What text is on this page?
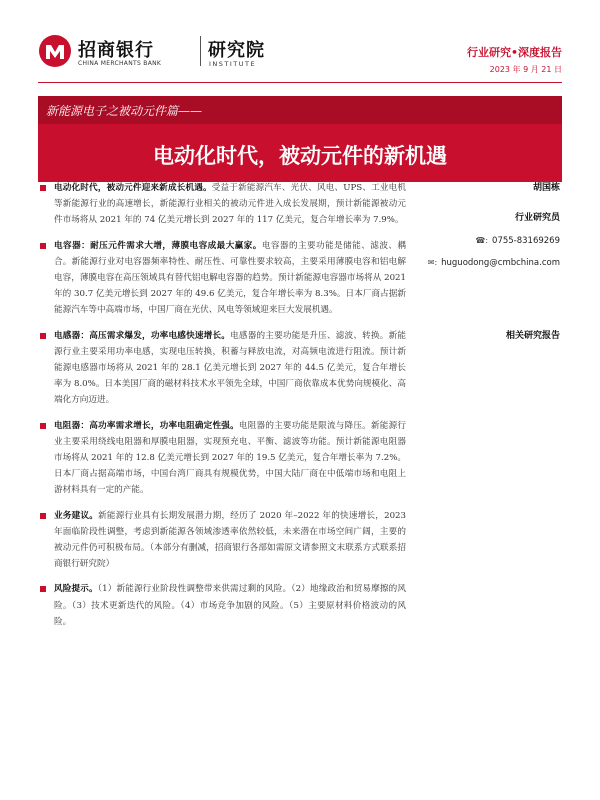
招商银行
CHINA MERCHANTS BANK
研究院
INSTITUTE
行业研究•深度报告
2023 年 9 月 21 日
新能源电子之被动元件篇——
电动化时代，被动元件的新机遇
电动化时代，被动元件迎来新成长机遇。受益于新能源汽车、光伏、风电、UPS、工业电机等新能源行业的高速增长，新能源行业相关的被动元件进入成长发展期，预计新能源被动元件市场将从 2021 年的 74 亿美元增长到 2027 年的 117 亿美元，复合年增长率为 7.9%。
电容器：耐压元件需求大增，薄膜电容成最大赢家。电容器的主要功能是储能、滤波、耦合。新能源行业对电容器频率特性、耐压性、可靠性要求较高，主要采用薄膜电容和铝电解电容，薄膜电容在高压领域具有替代铝电解电容器的趋势。预计新能源电容器市场将从 2021 年的 30.7 亿美元增长到 2027 年的 49.6 亿美元，复合年增长率为 8.3%。日本厂商占据新能源汽车等中高端市场，中国厂商在光伏、风电等领域迎来巨大发展机遇。
电感器：高压需求爆发，功率电感快速增长。电感器的主要功能是升压、滤波、转换。新能源行业主要采用功率电感，实现电压转换，积蓄与释放电流，对高频电流进行阻流。预计新能源电感器市场将从 2021 年的 28.1 亿美元增长到 2027 年的 44.5 亿美元，复合年增长率为 8.0%。日本美国厂商的磁材料技术水平领先全球，中国厂商依靠成本优势向规模化、高端化方向迈进。
电阻器：高功率需求增长，功率电阻确定性强。电阻器的主要功能是限流与降压。新能源行业主要采用绕线电阻器和厚膜电阻器，实现预充电、平衡、滤波等功能。预计新能源电阻器市场将从 2021 年的 12.8 亿美元增长到 2027 年的 19.5 亿美元，复合年增长率为 7.2%。日本厂商占据高端市场，中国台湾厂商具有规模优势，中国大陆厂商在中低端市场和电阻上游材料具有一定的产能。
业务建议。新能源行业具有长期发展潜力期，经历了 2020 年–2022 年的快速增长，2023 年面临阶段性调整，考虑到新能源各领域渗透率依然较低，未来潜在市场空间广阔，主要的被动元件仍可积极布局。（本部分有删减，招商银行各部如需原文请参照文末联系方式联系招商银行研究院）
风险提示。（1）新能源行业阶段性调整带来供需过剩的风险。（2）地缘政治和贸易摩擦的风险。（3）技术更新迭代的风险。（4）市场竞争加剧的风险。（5）主要原材料价格波动的风险。
胡国栋
行业研究员
☎: 0755-83169269
✉: huguodong@cmbchina.com
相关研究报告
